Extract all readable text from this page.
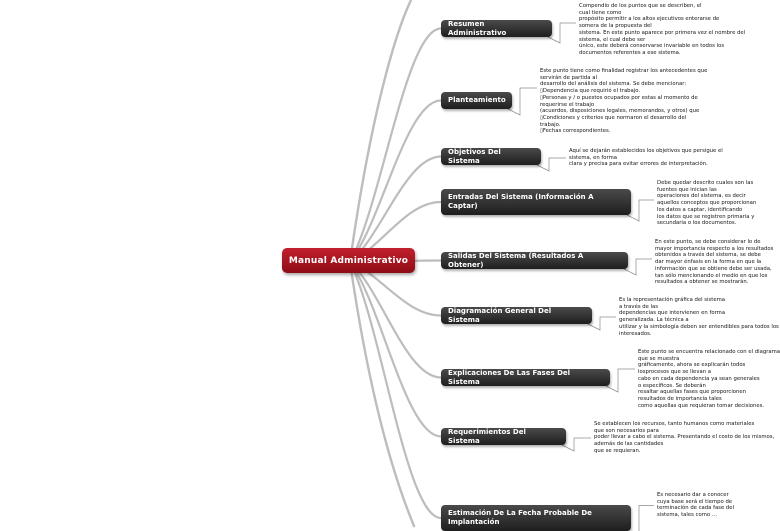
Manual Administrativo
Resumen Administrativo
Compendio de los puntos que se describen, el
cual tiene como
propósito permitir a los altos ejecutivos enterarse de
somera de la propuesta del
sistema. En este punto aparece por primera vez el nombre del
sistema, el cual debe ser
único, este deberá conservarse invariable en todos los
documentos referentes a ese sistema.
Planteamiento
Este punto tiene como finalidad registrar los antecedentes que
servirán de partida al
desarrollo del análisis del sistema. Se debe mencionar:
▯Dependencia que requirió el trabajo.
▯Personas y / o puestos ocupados por estas al momento de
requerirse el trabajo
(acuerdos, disposiciones legales, memorandos, y otros) que
▯Condiciones y criterios que normaron el desarrollo del
trabajo.
▯Fechas correspondientes.
Objetivos Del Sistema
Aquí se dejarán establecidos los objetivos que persigue el
sistema, en forma
clara y precisa para evitar errores de interpretación.
Entradas Del Sistema (Información A Captar)
Debe quedar descrito cuales son las
fuentes que inician las
operaciones del sistema, es decir
aquellos conceptos que proporcionan
los datos a captar, identificando
los datos que se registren primaria y
secundaria o los documentos.
Salidas Del Sistema (Resultados A Obtener)
En este punto, se debe considerar lo de
mayor importancia respecto a los resultados
obtenidos a través del sistema, se debe
dar mayor énfasis en la forma en que la
información que se obtiene debe ser usada,
tan sólo mencionando el medio en que los
resultados a obtener se mostrarán.
Diagramación General Del Sistema
Es la representación gráfica del sistema
a través de las
dependencias que intervienen en forma
generalizada. La técnica a
utilizar y la simbología deben ser entendibles para todos los
interesados.
Explicaciones De Las Fases Del Sistema
Este punto se encuentra relacionado con el diagrama
que se muestra
gráficamente, ahora se explicarán todos
losprocesos que se llevan a
cabo en cada dependencia ya sean generales
o específicos. Se deberán
resaltar aquellas fases que proporcionen
resultados de importancia tales
como aquellas que requieran tomar decisiones.
Requerimientos Del Sistema
Se establecen los recursos, tanto humanos como materiales
que son necesarios para
poder llevar a cabo el sistema. Presentando el costo de los mismos,
además de las cantidades
que se requieran.
Estimación De La Fecha Probable De Implantación
Es necesario dar a conocer
cuya base será el tiempo de
terminación de cada fase del
sistema, tales como ...
